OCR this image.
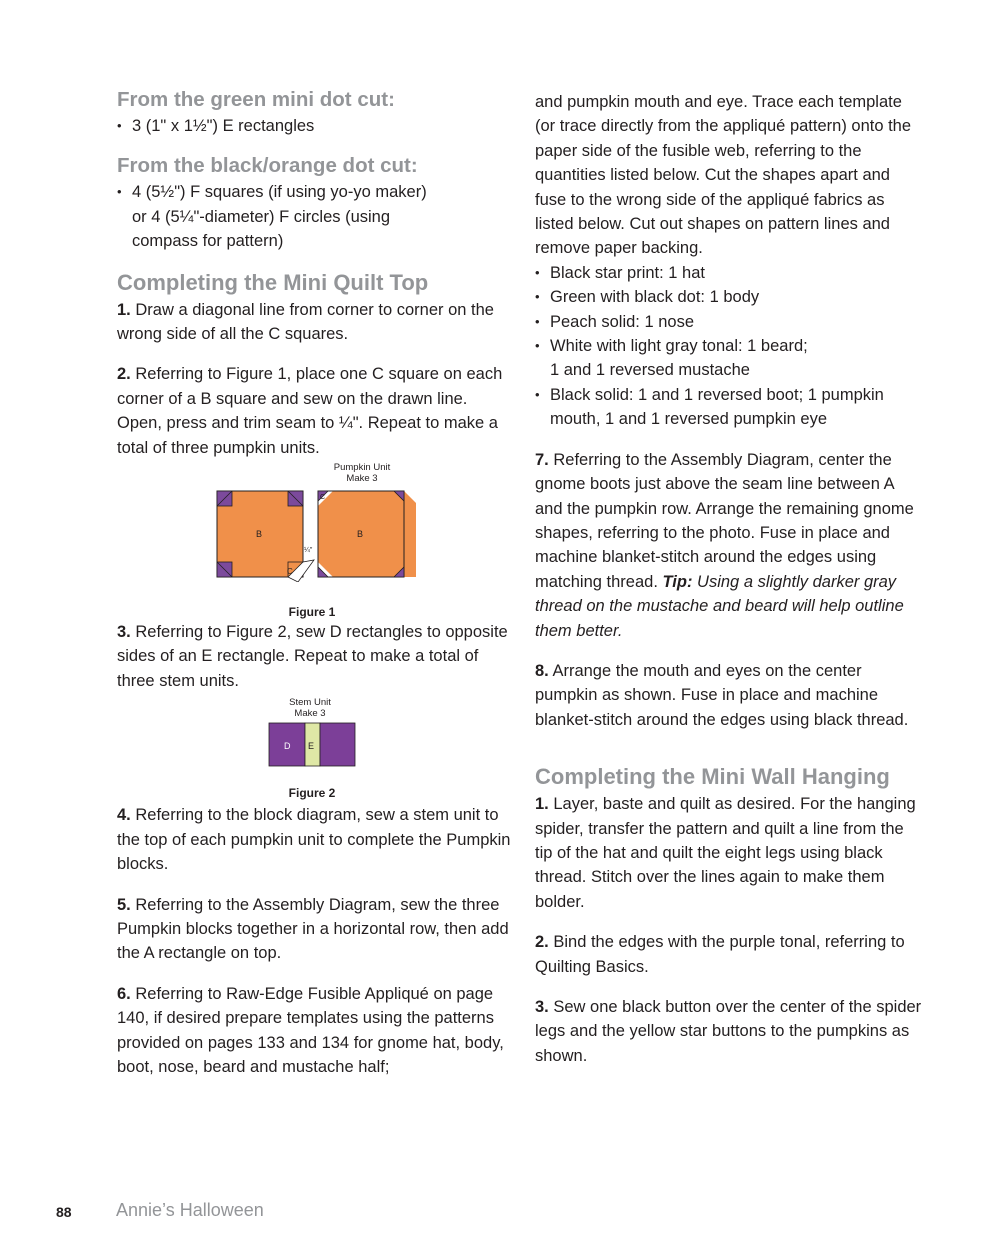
From the green mini dot cut:
• 3 (1" x 1½") E rectangles
From the black/orange dot cut:
• 4 (5½") F squares (if using yo-yo maker) or 4 (5¼"-diameter) F circles (using compass for pattern)
Completing the Mini Quilt Top

1. Draw a diagonal line from corner to corner on the wrong side of all the C squares.

2. Referring to Figure 1, place one C square on each corner of a B square and sew on the drawn line. Open, press and trim seam to ¼". Repeat to make a total of three pumpkin units.

Pumpkin Unit
Make 3
B
C
¼"
C
B
Figure 1

3. Referring to Figure 2, sew D rectangles to opposite sides of an E rectangle. Repeat to make a total of three stem units.

Stem Unit
Make 3
D E
Figure 2

4. Referring to the block diagram, sew a stem unit to the top of each pumpkin unit to complete the Pumpkin blocks.

5. Referring to the Assembly Diagram, sew the three Pumpkin blocks together in a horizontal row, then add the A rectangle on top.

6. Referring to Raw-Edge Fusible Appliqué on page 140, if desired prepare templates using the patterns provided on pages 133 and 134 for gnome hat, body, boot, nose, beard and mustache half;

and pumpkin mouth and eye. Trace each template (or trace directly from the appliqué pattern) onto the paper side of the fusible web, referring to the quantities listed below. Cut the shapes apart and fuse to the wrong side of the appliqué fabrics as listed below. Cut out shapes on pattern lines and remove paper backing.

• Black star print: 1 hat
• Green with black dot: 1 body
• Peach solid: 1 nose
• White with light gray tonal: 1 beard; 1 and 1 reversed mustache
• Black solid: 1 and 1 reversed boot; 1 pumpkin mouth, 1 and 1 reversed pumpkin eye

7. Referring to the Assembly Diagram, center the gnome boots just above the seam line between A and the pumpkin row. Arrange the remaining gnome shapes, referring to the photo. Fuse in place and machine blanket-stitch around the edges using matching thread. Tip: Using a slightly darker gray thread on the mustache and beard will help outline them better.

8. Arrange the mouth and eyes on the center pumpkin as shown. Fuse in place and machine blanket-stitch around the edges using black thread.

Completing the Mini Wall Hanging

1. Layer, baste and quilt as desired. For the hanging spider, transfer the pattern and quilt a line from the tip of the hat and quilt the eight legs using black thread. Stitch over the lines again to make them bolder.

2. Bind the edges with the purple tonal, referring to Quilting Basics.

3. Sew one black button over the center of the spider legs and the yellow star buttons to the pumpkins as shown.

88 Annie’s Halloween
